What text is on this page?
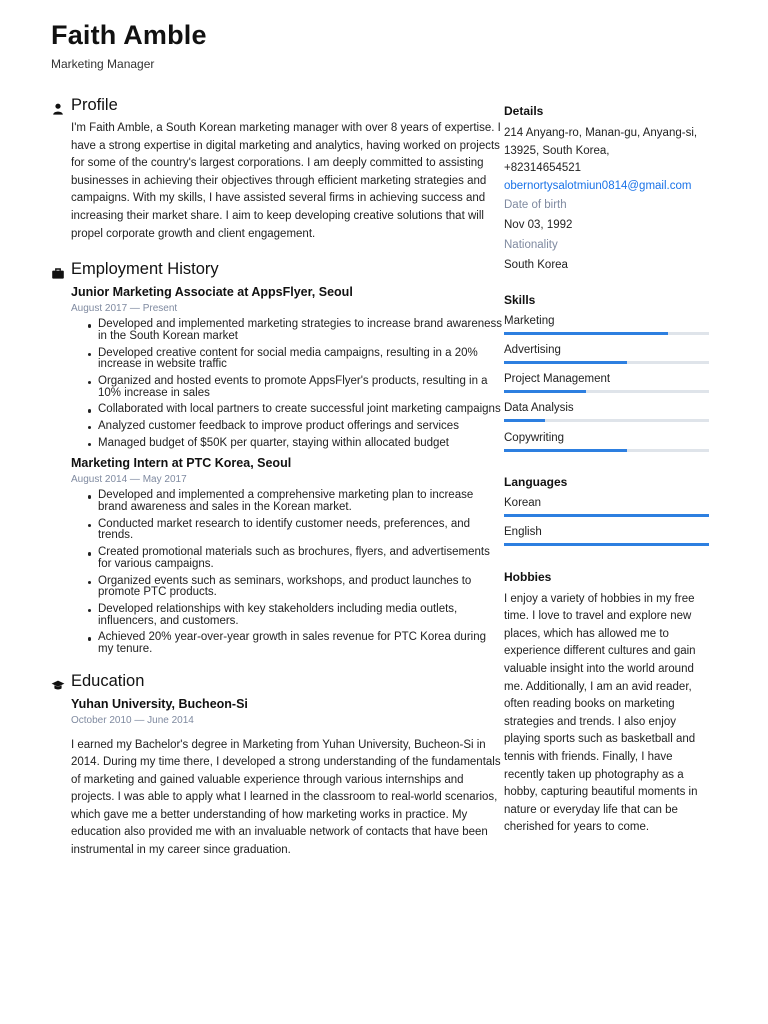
Faith Amble
Marketing Manager
Profile
I'm Faith Amble, a South Korean marketing manager with over 8 years of expertise. I have a strong expertise in digital marketing and analytics, having worked on projects for some of the country's largest corporations. I am deeply committed to assisting businesses in achieving their objectives through efficient marketing strategies and campaigns. With my skills, I have assisted several firms in achieving success and increasing their market share. I aim to keep developing creative solutions that will propel corporate growth and client engagement.
Employment History
Junior Marketing Associate at AppsFlyer, Seoul
August 2017 — Present
Developed and implemented marketing strategies to increase brand awareness in the South Korean market
Developed creative content for social media campaigns, resulting in a 20% increase in website traffic
Organized and hosted events to promote AppsFlyer's products, resulting in a 10% increase in sales
Collaborated with local partners to create successful joint marketing campaigns
Analyzed customer feedback to improve product offerings and services
Managed budget of $50K per quarter, staying within allocated budget
Marketing Intern at PTC Korea, Seoul
August 2014 — May 2017
Developed and implemented a comprehensive marketing plan to increase brand awareness and sales in the Korean market.
Conducted market research to identify customer needs, preferences, and trends.
Created promotional materials such as brochures, flyers, and advertisements for various campaigns.
Organized events such as seminars, workshops, and product launches to promote PTC products.
Developed relationships with key stakeholders including media outlets, influencers, and customers.
Achieved 20% year-over-year growth in sales revenue for PTC Korea during my tenure.
Education
Yuhan University, Bucheon-Si
October 2010 — June 2014
I earned my Bachelor's degree in Marketing from Yuhan University, Bucheon-Si in 2014. During my time there, I developed a strong understanding of the fundamentals of marketing and gained valuable experience through various internships and projects. I was able to apply what I learned in the classroom to real-world scenarios, which gave me a better understanding of how marketing works in practice. My education also provided me with an invaluable network of contacts that have been instrumental in my career since graduation.
Details
214 Anyang-ro, Manan-gu, Anyang-si, 13925, South Korea,
+82314654521
obernortysalotmiun0814@gmail.com
Date of birth
Nov 03, 1992
Nationality
South Korea
Skills
Marketing
Advertising
Project Management
Data Analysis
Copywriting
Languages
Korean
English
Hobbies
I enjoy a variety of hobbies in my free time. I love to travel and explore new places, which has allowed me to experience different cultures and gain valuable insight into the world around me. Additionally, I am an avid reader, often reading books on marketing strategies and trends. I also enjoy playing sports such as basketball and tennis with friends. Finally, I have recently taken up photography as a hobby, capturing beautiful moments in nature or everyday life that can be cherished for years to come.
